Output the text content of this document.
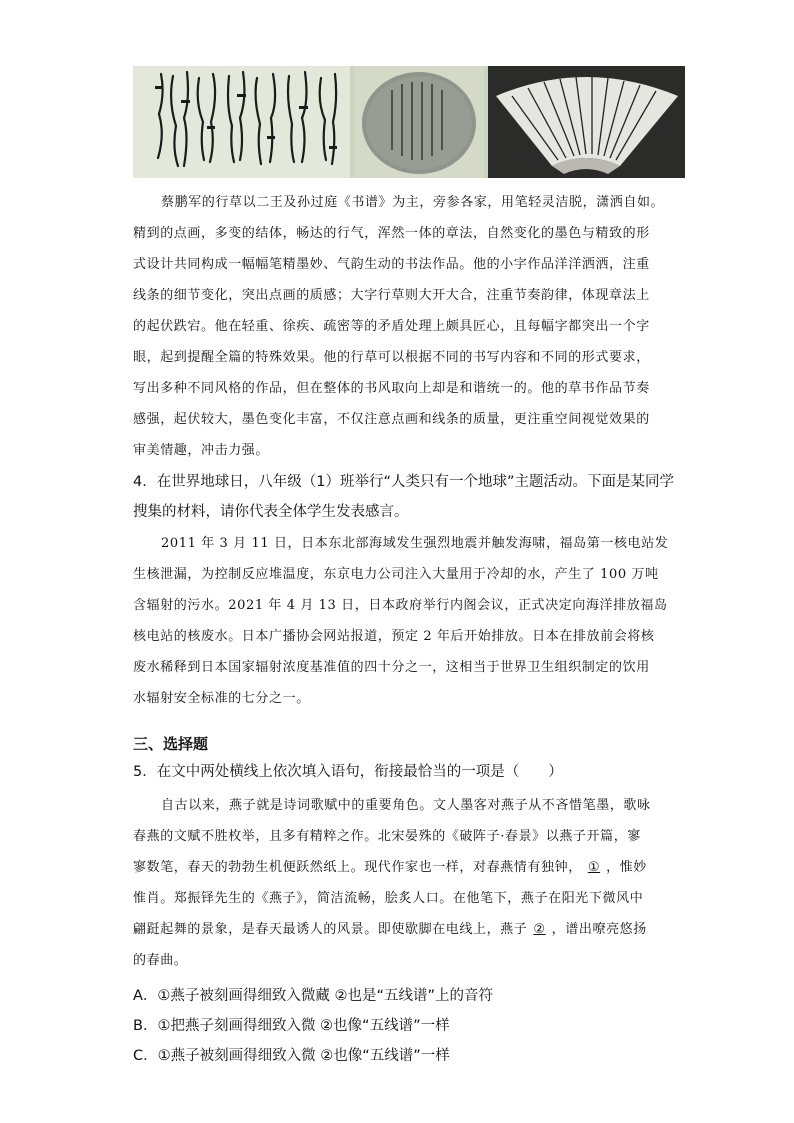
蔡鹏军的行草以二王及孙过庭《书谱》为主，旁参各家，用笔轻灵洁脱，潇洒自如。
精到的点画，多变的结体，畅达的行气，浑然一体的章法，自然变化的墨色与精致的形
式设计共同构成一幅幅笔精墨妙、气韵生动的书法作品。他的小字作品洋洋洒洒，注重
线条的细节变化，突出点画的质感；大字行草则大开大合，注重节奏韵律，体现章法上
的起伏跌宕。他在轻重、徐疾、疏密等的矛盾处理上颇具匠心，且每幅字都突出一个字
眼，起到提醒全篇的特殊效果。他的行草可以根据不同的书写内容和不同的形式要求，
写出多种不同风格的作品，但在整体的书风取向上却是和谐统一的。他的草书作品节奏
感强，起伏较大，墨色变化丰富，不仅注意点画和线条的质量，更注重空间视觉效果的
审美情趣，冲击力强。
4．在世界地球日，八年级（1）班举行“人类只有一个地球”主题活动。下面是某同学
搜集的材料，请你代表全体学生发表感言。
2011 年 3 月 11 日，日本东北部海域发生强烈地震并触发海啸，福岛第一核电站发
生核泄漏，为控制反应堆温度，东京电力公司注入大量用于冷却的水，产生了 100 万吨
含辐射的污水。2021 年 4 月 13 日，日本政府举行内阁会议，正式决定向海洋排放福岛
核电站的核废水。日本广播协会网站报道，预定 2 年后开始排放。日本在排放前会将核
废水稀释到日本国家辐射浓度基准值的四十分之一，这相当于世界卫生组织制定的饮用
水辐射安全标准的七分之一。
三、选择题
5．在文中两处横线上依次填入语句，衔接最恰当的一项是（　　）
自古以来，燕子就是诗词歌赋中的重要角色。文人墨客对燕子从不吝惜笔墨，歌咏
春燕的文赋不胜枚举，且多有精粹之作。北宋晏殊的《破阵子·春景》以燕子开篇，寥
寥数笔，春天的勃勃生机便跃然纸上。现代作家也一样，对春燕情有独钟， ① ，惟妙
惟肖。郑振铎先生的《燕子》，简洁流畅，脍炙人口。在他笔下，燕子在阳光下微风中
翩跹起舞的景象，是春天最诱人的风景。即使歇脚在电线上，燕子 ② ，谱出嘹亮悠扬
的春曲。
A．①燕子被刻画得细致入微藏 ②也是“五线谱”上的音符
B．①把燕子刻画得细致入微 ②也像“五线谱”一样
C．①燕子被刻画得细致入微 ②也像“五线谱”一样
